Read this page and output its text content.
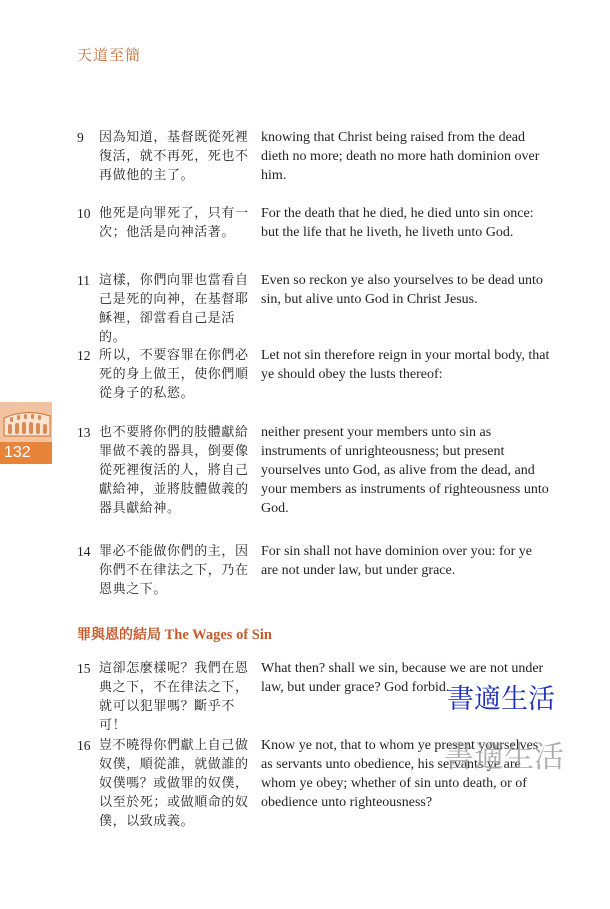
天道至簡
132
9 因為知道，基督既從死裡復活，就不再死，死也不再做他的主了。
knowing that Christ being raised from the dead dieth no more; death no more hath dominion over him.
10 他死是向罪死了，只有一次；他活是向神活著。
For the death that he died, he died unto sin once: but the life that he liveth, he liveth unto God.
11 這樣，你們向罪也當看自己是死的向神，在基督耶穌裡，卻當看自己是活的。
Even so reckon ye also yourselves to be dead unto sin, but alive unto God in Christ Jesus.
12 所以，不要容罪在你們必死的身上做王，使你們順從身子的私慾。
Let not sin therefore reign in your mortal body, that ye should obey the lusts thereof:
13 也不要將你們的肢體獻給罪做不義的器具，倒要像從死裡復活的人，將自己獻給神，並將肢體做義的器具獻給神。
neither present your members unto sin as instruments of unrighteousness; but present yourselves unto God, as alive from the dead, and your members as instruments of righteousness unto God.
14 罪必不能做你們的主，因你們不在律法之下，乃在恩典之下。
For sin shall not have dominion over you: for ye are not under law, but under grace.
罪與恩的結局 The Wages of Sin
15 這卻怎麼樣呢？我們在恩典之下，不在律法之下，就可以犯罪嗎？斷乎不可！
What then? shall we sin, because we are not under law, but under grace? God forbid.
16 豈不曉得你們獻上自己做奴僕，順從誰，就做誰的奴僕嗎？或做罪的奴僕，以至於死；或做順命的奴僕，以致成義。
Know ye not, that to whom ye present yourselves as servants unto obedience, his servants ye are whom ye obey; whether of sin unto death, or of obedience unto righteousness?
書適生活
書適生活
